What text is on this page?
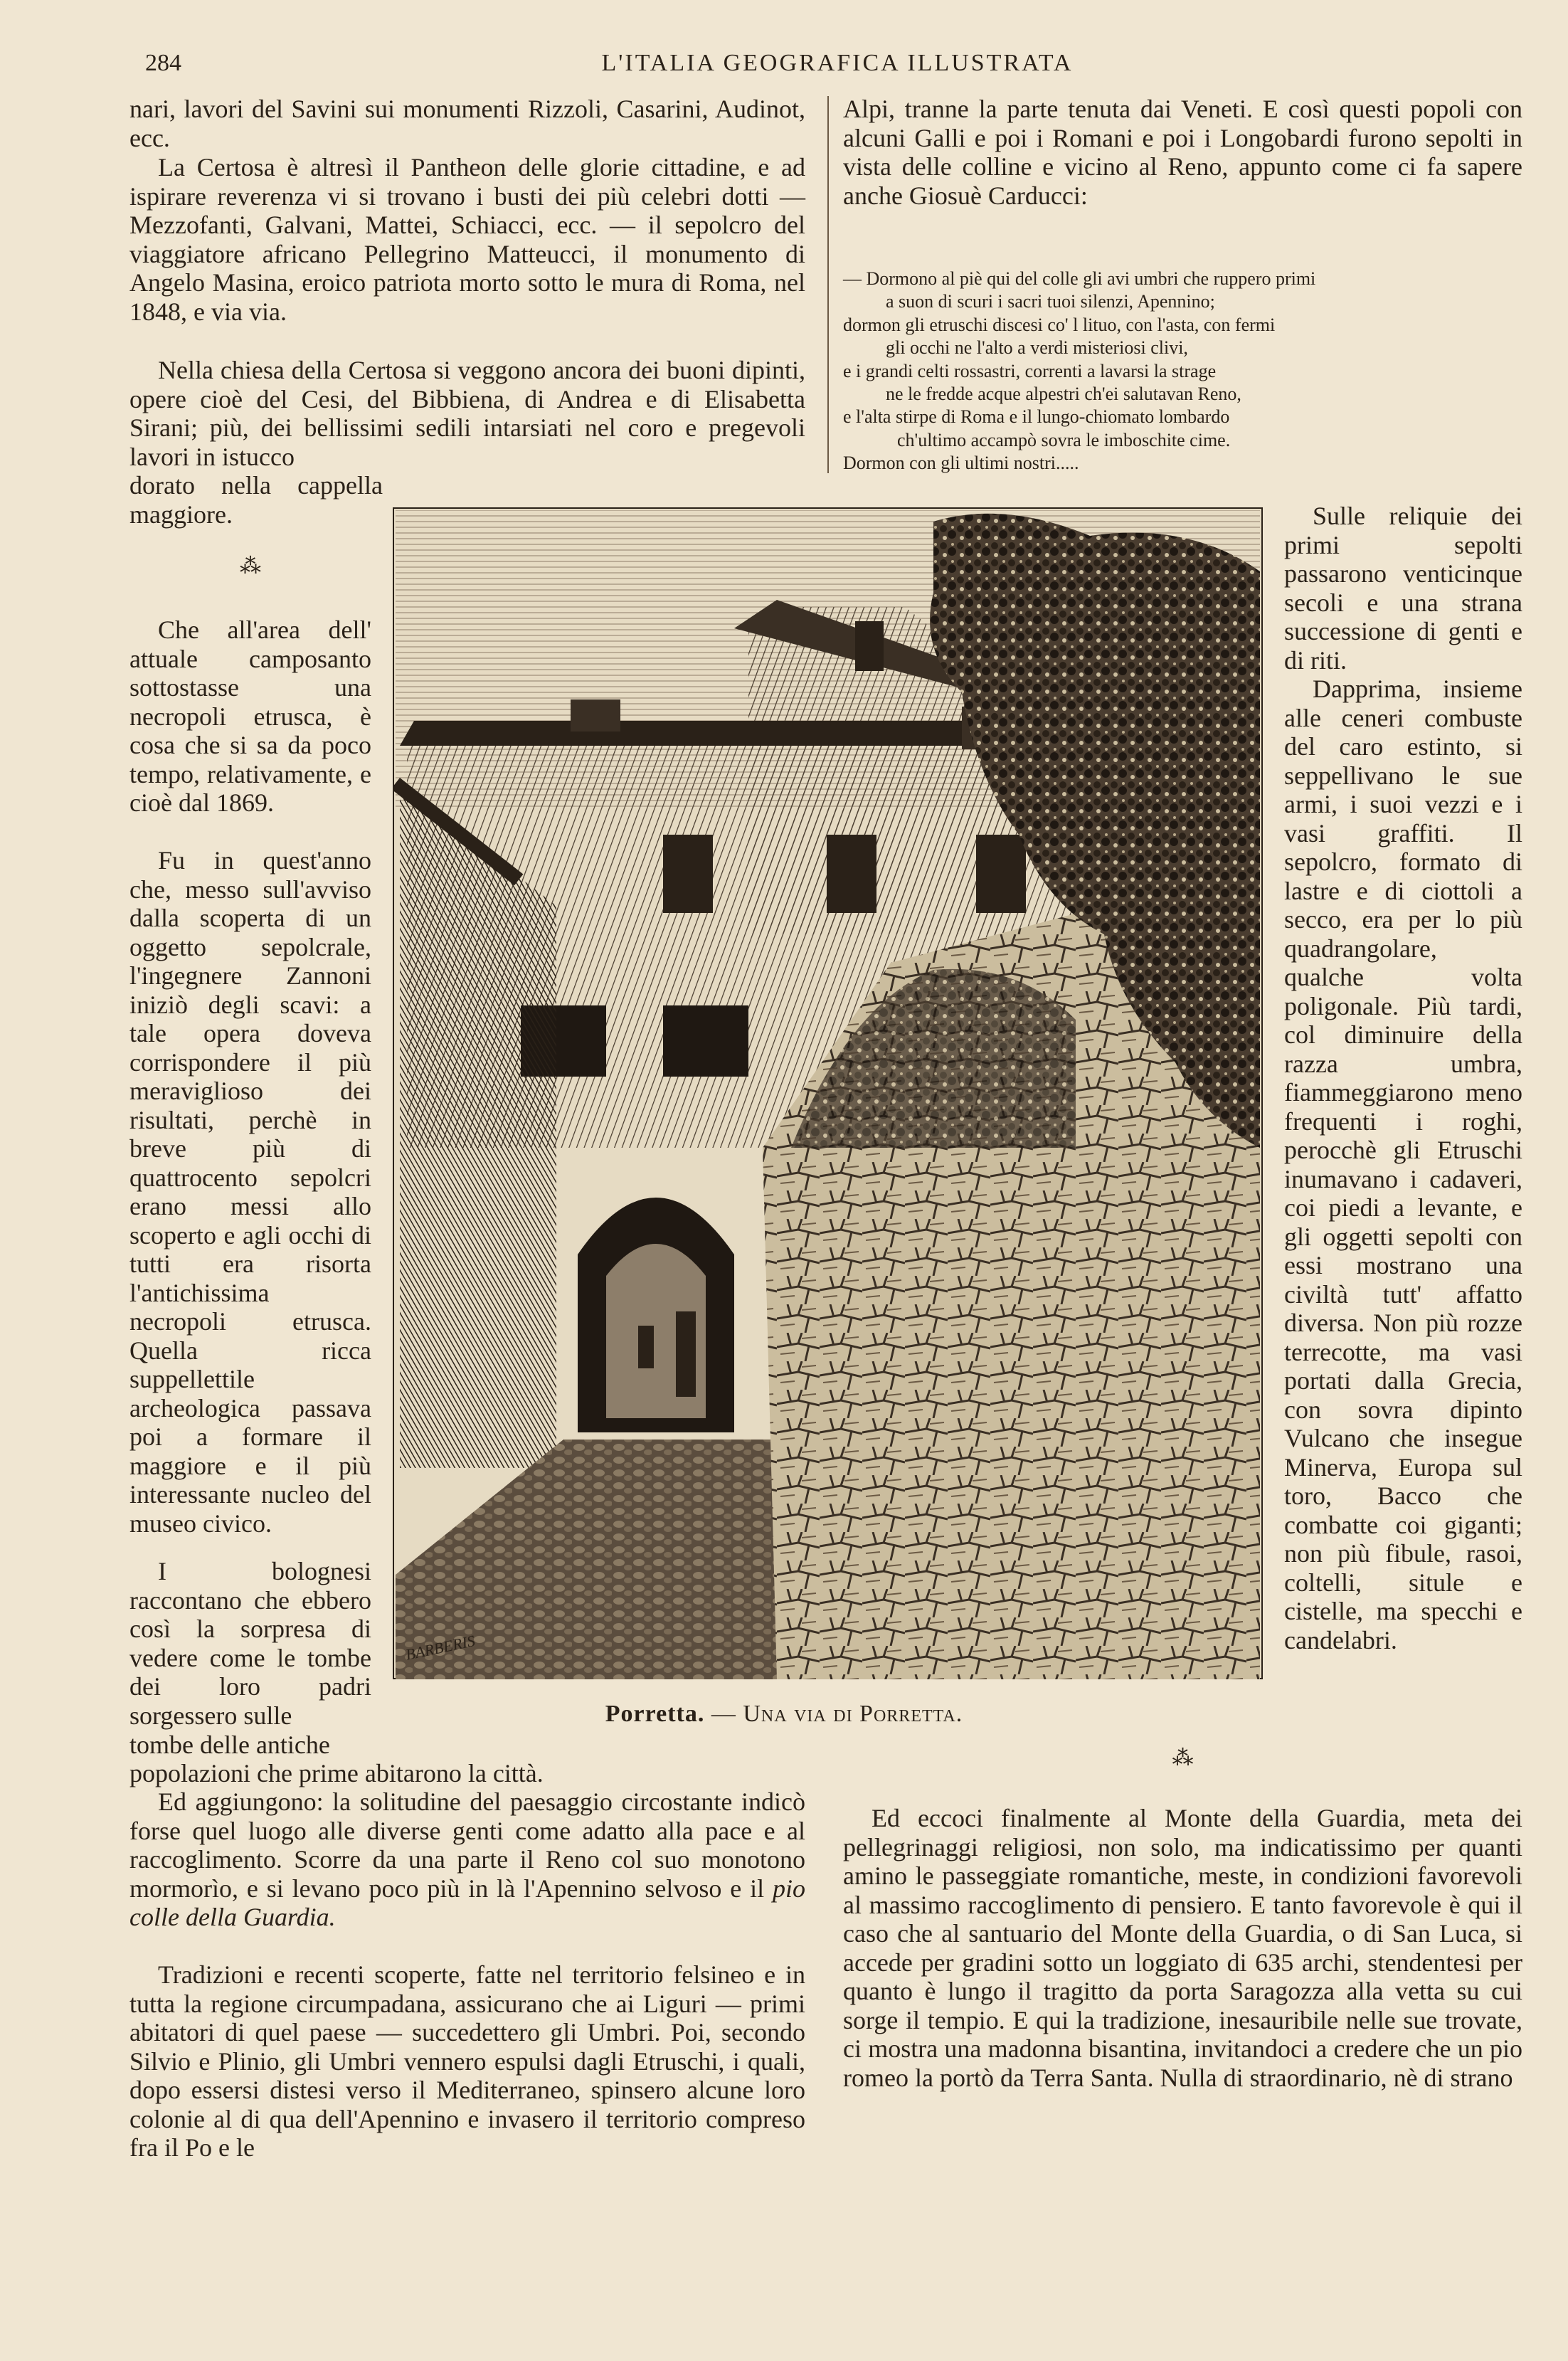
284	L'ITALIA GEOGRAFICA ILLUSTRATA
nari, lavori del Savini sui monumenti Rizzoli, Casarini, Audinot, ecc.
La Certosa è altresì il Pantheon delle glorie cittadine, e ad ispirare reverenza vi si trovano i busti dei più celebri dotti — Mezzofanti, Galvani, Mattei, Schiacci, ecc. — il sepolcro del viaggiatore africano Pellegrino Matteucci, il monumento di Angelo Masina, eroico patriota morto sotto le mura di Roma, nel 1848, e via via.
Nella chiesa della Certosa si veggono ancora dei buoni dipinti, opere cioè del Cesi, del Bibbiena, di Andrea e di Elisabetta Sirani; più, dei bellissimi sedili intarsiati nel coro e pregevoli lavori in istucco
dorato nella cappella maggiore.
⁂
Che all'area dell' attuale camposanto sottostasse una necropoli etrusca, è cosa che si sa da poco tempo, relativamente, e cioè dal 1869.
Fu in quest'anno che, messo sull'avviso dalla scoperta di un oggetto sepolcrale, l'ingegnere Zannoni iniziò degli scavi: a tale opera doveva corrispondere il più meraviglioso dei risultati, perchè in breve più di quattrocento sepolcri erano messi allo scoperto e agli occhi di tutti era risorta l'antichissima necropoli etrusca. Quella ricca suppellettile archeologica passava poi a formare il maggiore e il più interessante nucleo del museo civico.
I bolognesi raccontano che ebbero così la sorpresa di vedere come le tombe dei loro padri sorgessero sulle
tombe delle antiche
popolazioni che prime abitarono la città.
Ed aggiungono: la solitudine del paesaggio circostante indicò forse quel luogo alle diverse genti come adatto alla pace e al raccoglimento. Scorre da una parte il Reno col suo monotono mormorìo, e si levano poco più in là l'Apennino selvoso e il pio colle della Guardia.
Tradizioni e recenti scoperte, fatte nel territorio felsineo e in tutta la regione circumpadana, assicurano che ai Liguri — primi abitatori di quel paese — succedettero gli Umbri. Poi, secondo Silvio e Plinio, gli Umbri vennero espulsi dagli Etruschi, i quali, dopo essersi distesi verso il Mediterraneo, spinsero alcune loro colonie al di qua dell'Apennino e invasero il territorio compreso fra il Po e le
Alpi, tranne la parte tenuta dai Veneti. E così questi popoli con alcuni Galli e poi i Romani e poi i Longobardi furono sepolti in vista delle colline e vicino al Reno, appunto come ci fa sapere anche Giosuè Carducci:
— Dormono al piè qui del colle gli avi umbri che ruppero primi
a suon di scuri i sacri tuoi silenzi, Apennino;
dormon gli etruschi discesi co' l lituo, con l'asta, con fermi
gli occhi ne l'alto a verdi misteriosi clivi,
e i grandi celti rossastri, correnti a lavarsi la strage
ne le fredde acque alpestri ch'ei salutavan Reno,
e l'alta stirpe di Roma e il lungo-chiomato lombardo
ch'ultimo accampò sovra le imboschite cime.
Dormon con gli ultimi nostri.....
Sulle reliquie dei primi sepolti passarono venticinque secoli e una strana successione di genti e di riti.
Dapprima, insieme alle ceneri combuste del caro estinto, si seppellivano le sue armi, i suoi vezzi e i vasi graffiti. Il sepolcro, formato di lastre e di ciottoli a secco, era per lo più quadrangolare, qualche volta poligonale. Più tardi, col diminuire della razza umbra, fiammeggiarono meno frequenti i roghi, perocchè gli Etruschi inumavano i cadaveri, coi piedi a levante, e gli oggetti sepolti con essi mostrano una civiltà tutt' affatto diversa. Non più rozze terrecotte, ma vasi portati dalla Grecia, con sovra dipinto Vulcano che insegue Minerva, Europa sul toro, Bacco che combatte coi giganti; non più fibule, rasoi, coltelli, situle e cistelle, ma specchi e candelabri.
⁂
Ed eccoci finalmente al Monte della Guardia, meta dei pellegrinaggi religiosi, non solo, ma indicatissimo per quanti amino le passeggiate romantiche, meste, in condizioni favorevoli al massimo raccoglimento di pensiero. E tanto favorevole è qui il caso che al santuario del Monte della Guardia, o di San Luca, si accede per gradini sotto un loggiato di 635 archi, stendentesi per quanto è lungo il tragitto da porta Saragozza alla vetta su cui sorge il tempio. E qui la tradizione, inesauribile nelle sue trovate, ci mostra una madonna bisantina, invitandoci a credere che un pio romeo la portò da Terra Santa. Nulla di straordinario, nè di strano
BARBERIS
Porretta. — Una via di Porretta.
